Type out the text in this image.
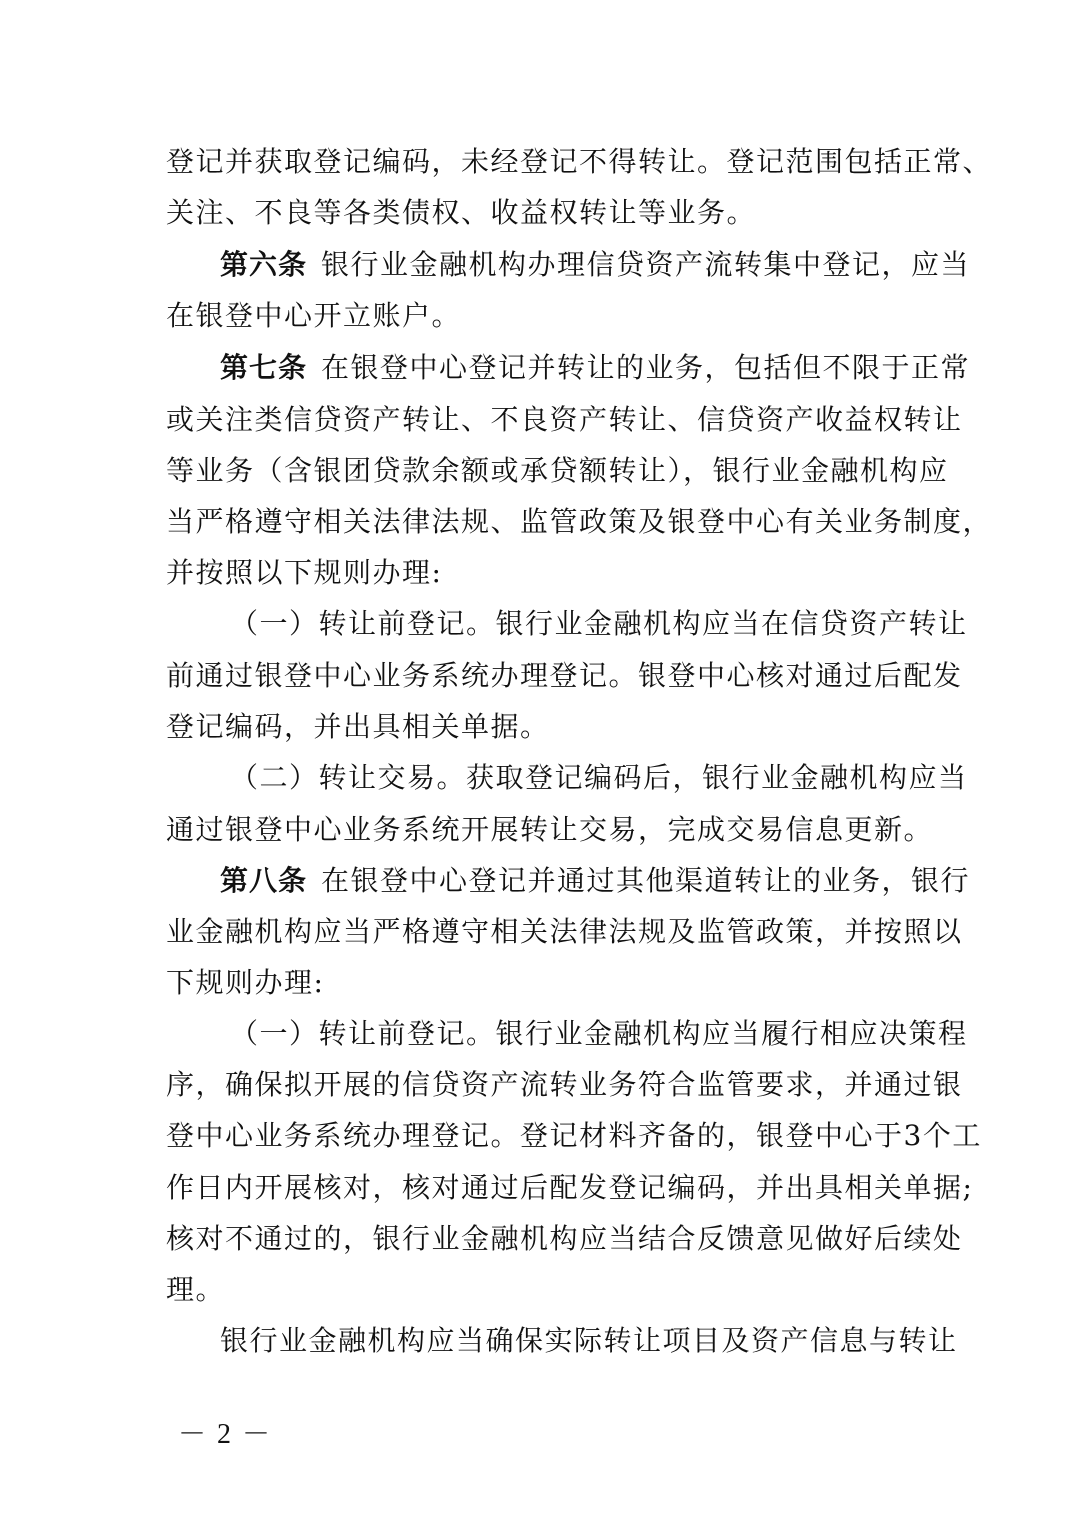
登记并获取登记编码，未经登记不得转让。登记范围包括正常、
关注、不良等各类债权、收益权转让等业务。
第六条 银行业金融机构办理信贷资产流转集中登记，应当
在银登中心开立账户。
第七条 在银登中心登记并转让的业务，包括但不限于正常
或关注类信贷资产转让、不良资产转让、信贷资产收益权转让
等业务（含银团贷款余额或承贷额转让），银行业金融机构应
当严格遵守相关法律法规、监管政策及银登中心有关业务制度，
并按照以下规则办理:
（一）转让前登记。银行业金融机构应当在信贷资产转让
前通过银登中心业务系统办理登记。银登中心核对通过后配发
登记编码，并出具相关单据。
（二）转让交易。获取登记编码后，银行业金融机构应当
通过银登中心业务系统开展转让交易，完成交易信息更新。
第八条 在银登中心登记并通过其他渠道转让的业务，银行
业金融机构应当严格遵守相关法律法规及监管政策，并按照以
下规则办理:
（一）转让前登记。银行业金融机构应当履行相应决策程
序，确保拟开展的信贷资产流转业务符合监管要求，并通过银
登中心业务系统办理登记。登记材料齐备的，银登中心于3个工
作日内开展核对，核对通过后配发登记编码，并出具相关单据;
核对不通过的，银行业金融机构应当结合反馈意见做好后续处
理。
银行业金融机构应当确保实际转让项目及资产信息与转让
－ 2 －
